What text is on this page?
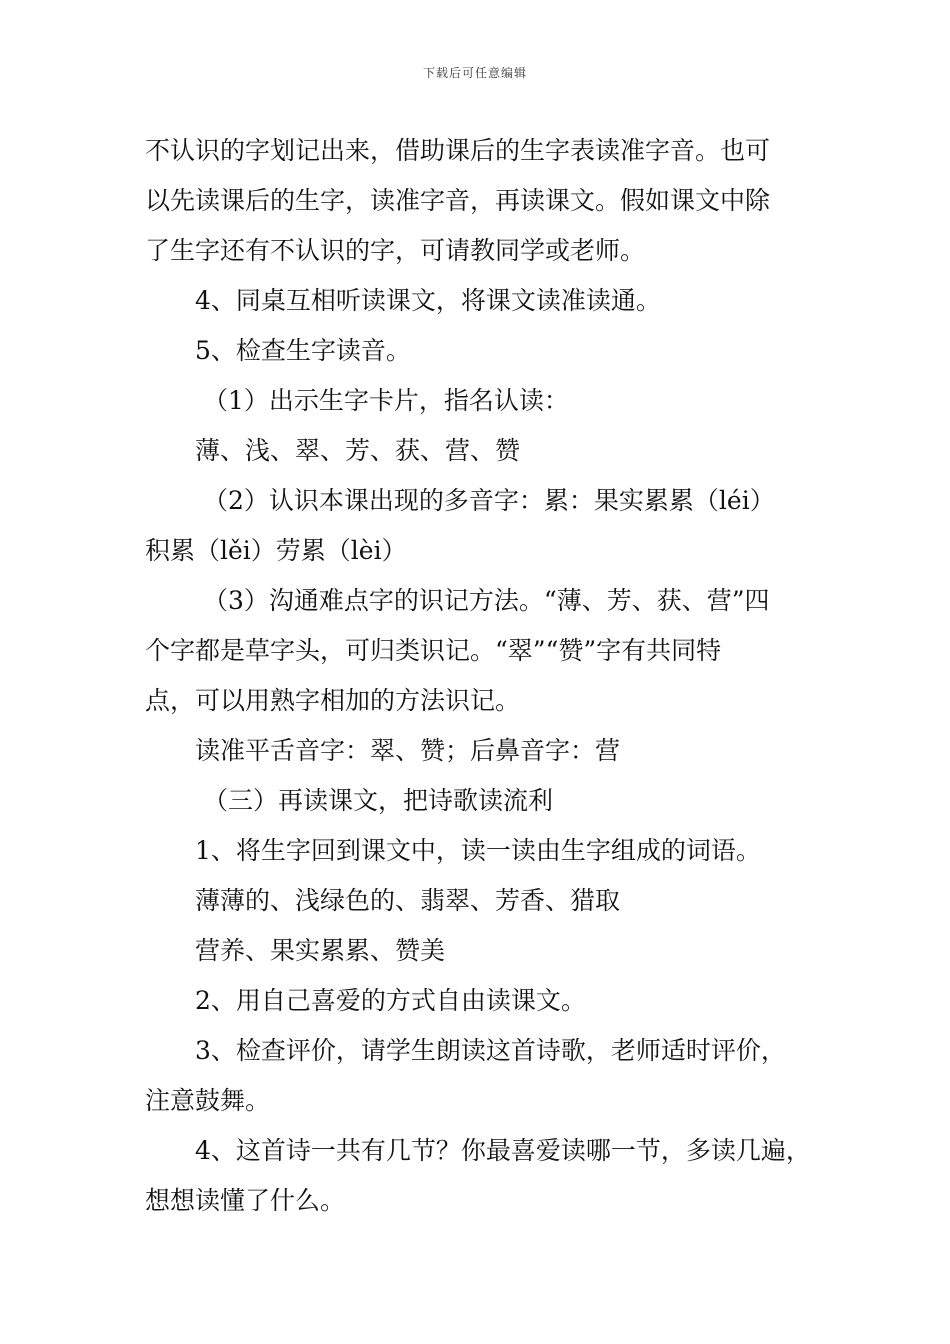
下载后可任意编辑
不认识的字划记出来，借助课后的生字表读准字音。也可
以先读课后的生字，读准字音，再读课文。假如课文中除
了生字还有不认识的字，可请教同学或老师。
4、同桌互相听读课文，将课文读准读通。
5、检查生字读音。
（1）出示生字卡片，指名认读：
薄、浅、翠、芳、获、营、赞
（2）认识本课出现的多音字：累：果实累累（léi）
积累（lěi）劳累（lèi）
（3）沟通难点字的识记方法。“薄、芳、获、营”四
个字都是草字头，可归类识记。“翠”“赞”字有共同特
点，可以用熟字相加的方法识记。
读准平舌音字：翠、赞；后鼻音字：营
（三）再读课文，把诗歌读流利
1、将生字回到课文中，读一读由生字组成的词语。
薄薄的、浅绿色的、翡翠、芳香、猎取
营养、果实累累、赞美
2、用自己喜爱的方式自由读课文。
3、检查评价，请学生朗读这首诗歌，老师适时评价，
注意鼓舞。
4、这首诗一共有几节？你最喜爱读哪一节，多读几遍，
想想读懂了什么。
